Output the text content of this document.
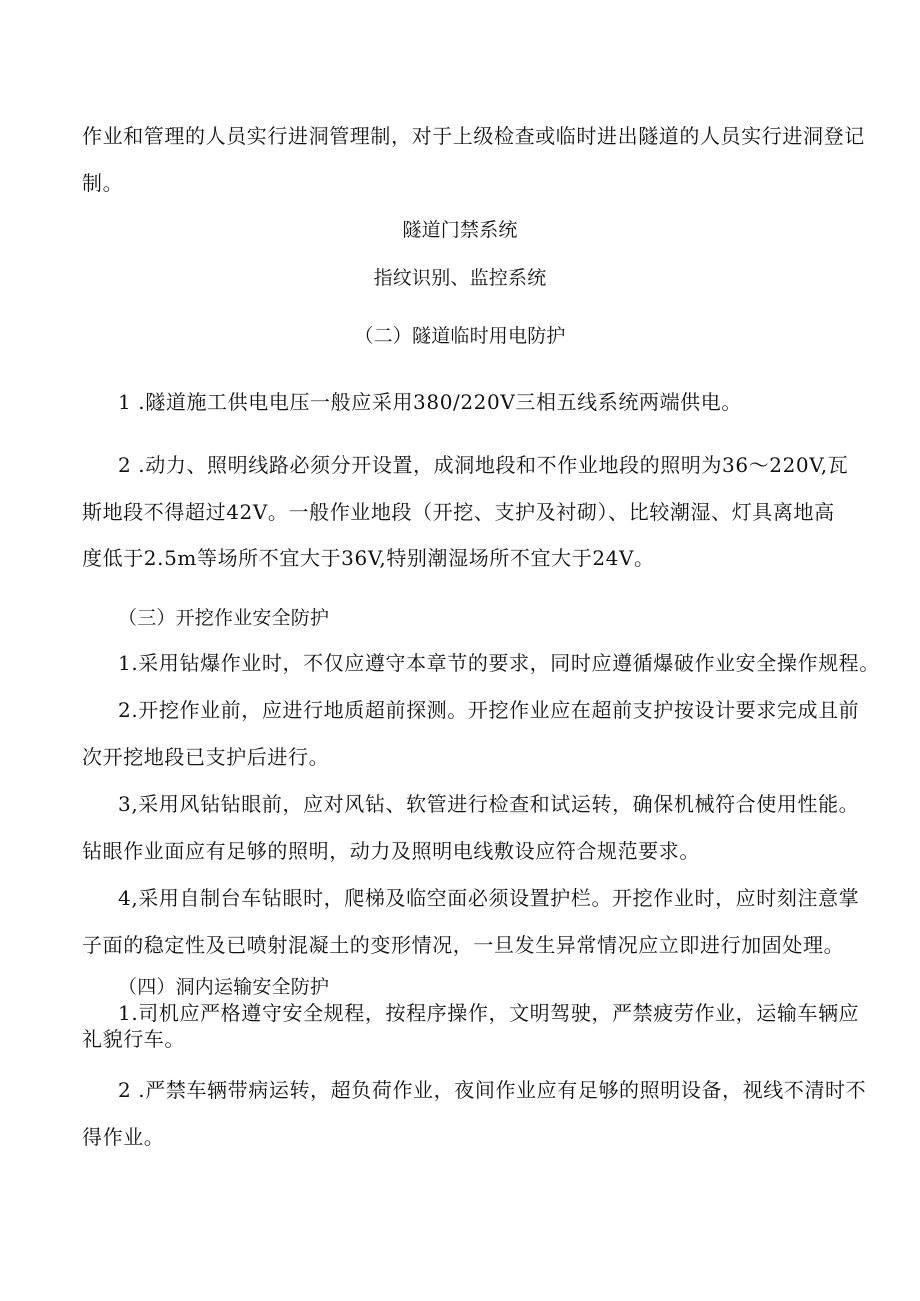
作业和管理的人员实行进洞管理制，对于上级检查或临时进出隧道的人员实行进洞登记
制。
隧道门禁系统
指纹识别、监控系统
（二）隧道临时用电防护
1 .隧道施工供电电压一般应采用380/220V三相五线系统两端供电。
2 .动力、照明线路必须分开设置，成洞地段和不作业地段的照明为36～220V,瓦
斯地段不得超过42V。一般作业地段（开挖、支护及衬砌）、比较潮湿、灯具离地高
度低于2.5m等场所不宜大于36V,特别潮湿场所不宜大于24V。
（三）开挖作业安全防护
1.采用钻爆作业时，不仅应遵守本章节的要求，同时应遵循爆破作业安全操作规程。
2.开挖作业前，应进行地质超前探测。开挖作业应在超前支护按设计要求完成且前
次开挖地段已支护后进行。
3,采用风钻钻眼前，应对风钻、软管进行检查和试运转，确保机械符合使用性能。
钻眼作业面应有足够的照明，动力及照明电线敷设应符合规范要求。
4,采用自制台车钻眼时，爬梯及临空面必须设置护栏。开挖作业时，应时刻注意掌
子面的稳定性及已喷射混凝土的变形情况，一旦发生异常情况应立即进行加固处理。
（四）洞内运输安全防护
1.司机应严格遵守安全规程，按程序操作，文明驾驶，严禁疲劳作业，运输车辆应
礼貌行车。
2 .严禁车辆带病运转，超负荷作业，夜间作业应有足够的照明设备，视线不清时不
得作业。
